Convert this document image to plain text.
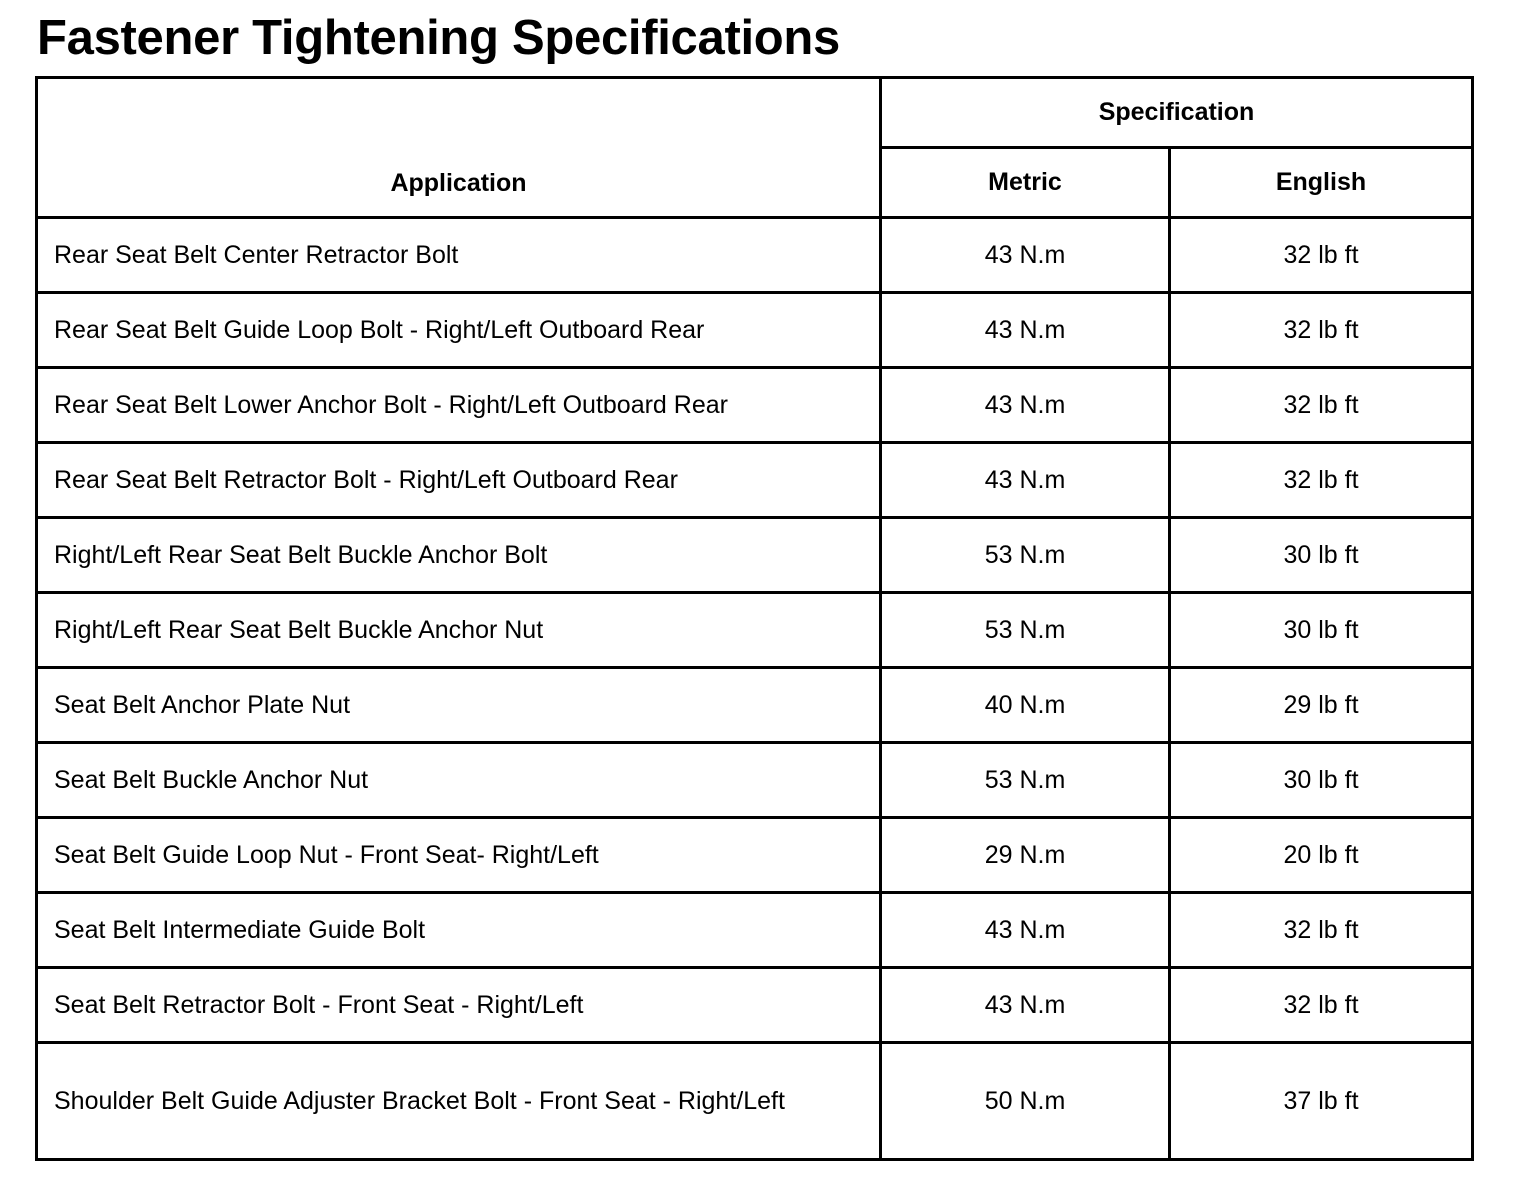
Fastener Tightening Specifications
Application	Specification	
	Metric	English
Rear Seat Belt Center Retractor Bolt	43 N.m	32 lb ft
Rear Seat Belt Guide Loop Bolt - Right/Left Outboard Rear	43 N.m	32 lb ft
Rear Seat Belt Lower Anchor Bolt - Right/Left Outboard Rear	43 N.m	32 lb ft
Rear Seat Belt Retractor Bolt - Right/Left Outboard Rear	43 N.m	32 lb ft
Right/Left Rear Seat Belt Buckle Anchor Bolt	53 N.m	30 lb ft
Right/Left Rear Seat Belt Buckle Anchor Nut	53 N.m	30 lb ft
Seat Belt Anchor Plate Nut	40 N.m	29 lb ft
Seat Belt Buckle Anchor Nut	53 N.m	30 lb ft
Seat Belt Guide Loop Nut - Front Seat- Right/Left	29 N.m	20 lb ft
Seat Belt Intermediate Guide Bolt	43 N.m	32 lb ft
Seat Belt Retractor Bolt - Front Seat - Right/Left	43 N.m	32 lb ft
Shoulder Belt Guide Adjuster Bracket Bolt - Front Seat - Right/Left	50 N.m	37 lb ft
